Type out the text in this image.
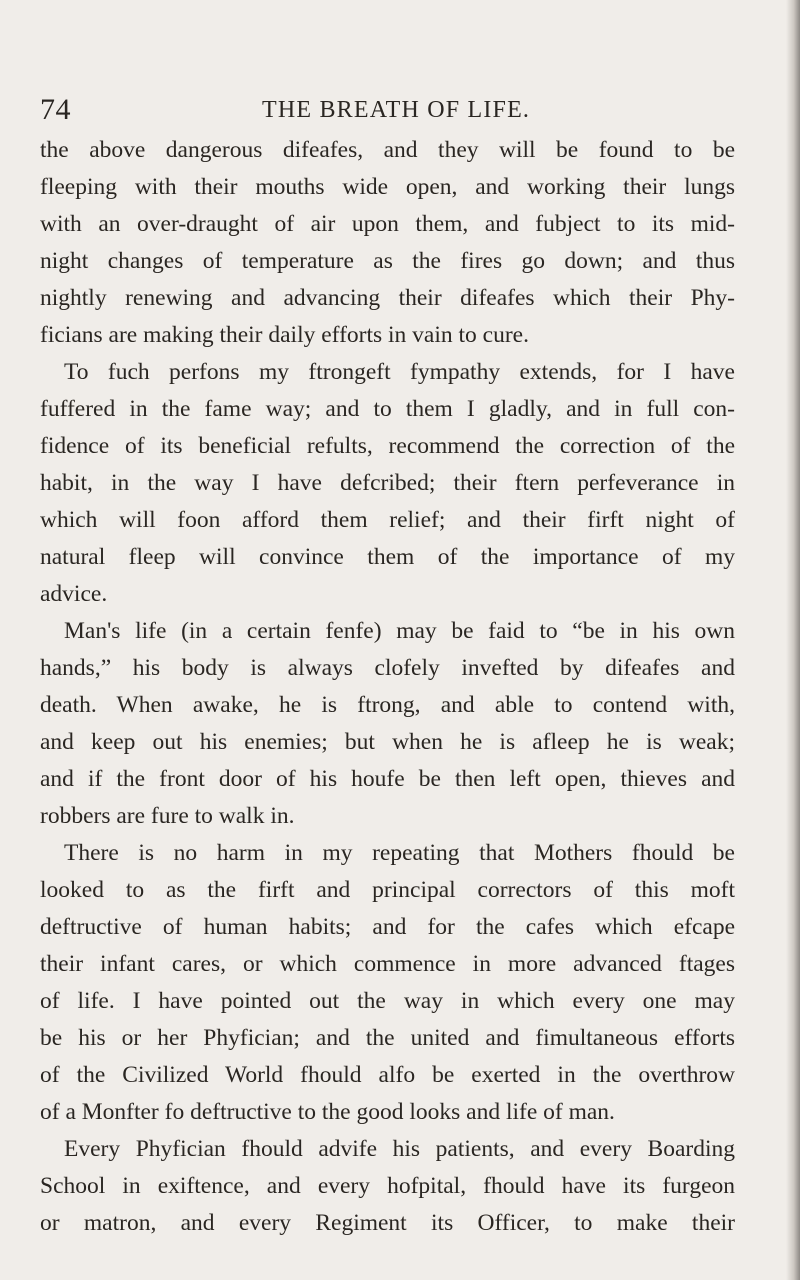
74	THE BREATH OF LIFE.
the above dangerous difeafes, and they will be found to be
fleeping with their mouths wide open, and working their lungs
with an over-draught of air upon them, and fubject to its mid-
night changes of temperature as the fires go down; and thus
nightly renewing and advancing their difeafes which their Phy-
ficians are making their daily efforts in vain to cure.
To fuch perfons my ftrongeft fympathy extends, for I have
fuffered in the fame way; and to them I gladly, and in full con-
fidence of its beneficial refults, recommend the correction of the
habit, in the way I have defcribed; their ftern perfeverance in
which will foon afford them relief; and their firft night of
natural fleep will convince them of the importance of my
advice.
Man's life (in a certain fenfe) may be faid to “be in his own
hands,” his body is always clofely invefted by difeafes and
death. When awake, he is ftrong, and able to contend with,
and keep out his enemies; but when he is afleep he is weak;
and if the front door of his houfe be then left open, thieves and
robbers are fure to walk in.
There is no harm in my repeating that Mothers fhould be
looked to as the firft and principal correctors of this moft
deftructive of human habits; and for the cafes which efcape
their infant cares, or which commence in more advanced ftages
of life. I have pointed out the way in which every one may
be his or her Phyfician; and the united and fimultaneous efforts
of the Civilized World fhould alfo be exerted in the overthrow
of a Monfter fo deftructive to the good looks and life of man.
Every Phyfician fhould advife his patients, and every Boarding
School in exiftence, and every hofpital, fhould have its furgeon
or matron, and every Regiment its Officer, to make their
